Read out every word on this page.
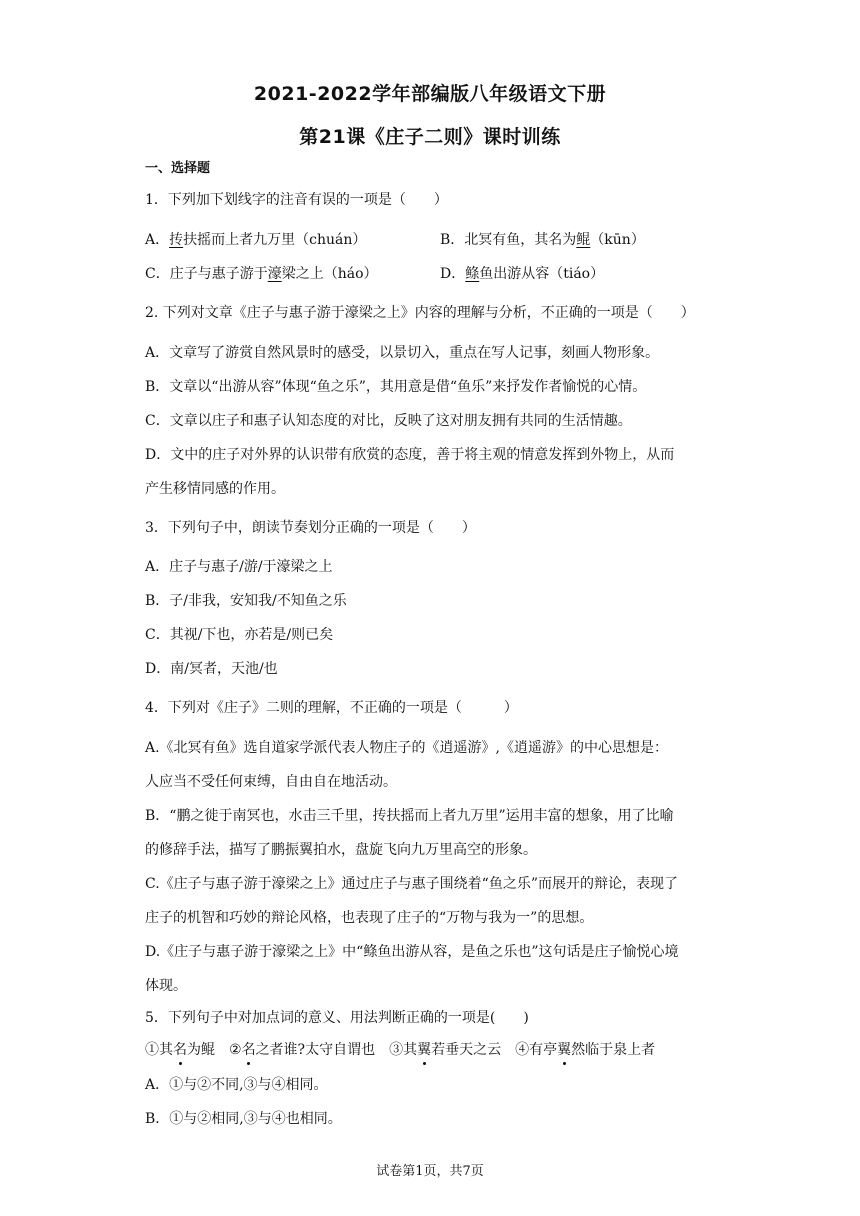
2021-2022学年部编版八年级语文下册
第21课《庄子二则》课时训练
一、选择题
1．下列加下划线字的注音有误的一项是（　　）
A．抟扶摇而上者九万里（chuán）	B．北冥有鱼，其名为鲲（kūn）
C．庄子与惠子游于濠梁之上（háo）	D．鲦鱼出游从容（tiáo）
2. 下列对文章《庄子与惠子游于濠梁之上》内容的理解与分析，不正确的一项是（　　）
A．文章写了游赏自然风景时的感受，以景切入，重点在写人记事，刻画人物形象。
B．文章以“出游从容”体现“鱼之乐”，其用意是借“鱼乐”来抒发作者愉悦的心情。
C．文章以庄子和惠子认知态度的对比，反映了这对朋友拥有共同的生活情趣。
D．文中的庄子对外界的认识带有欣赏的态度，善于将主观的情意发挥到外物上，从而
产生移情同感的作用。
3．下列句子中，朗读节奏划分正确的一项是（　　）
A．庄子与惠子/游/于濠梁之上
B．子/非我，安知我/不知鱼之乐
C．其视/下也，亦若是/则已矣
D．南/冥者，天池/也
4．下列对《庄子》二则的理解，不正确的一项是（　　　）
A.《北冥有鱼》选自道家学派代表人物庄子的《逍遥游》,《逍遥游》的中心思想是：
人应当不受任何束缚，自由自在地活动。
B．“鹏之徙于南冥也，水击三千里，抟扶摇而上者九万里”运用丰富的想象，用了比喻
的修辞手法，描写了鹏振翼拍水，盘旋飞向九万里高空的形象。
C.《庄子与惠子游于濠梁之上》通过庄子与惠子围绕着“鱼之乐”而展开的辩论，表现了
庄子的机智和巧妙的辩论风格，也表现了庄子的“万物与我为一”的思想。
D.《庄子与惠子游于濠梁之上》中“鲦鱼出游从容，是鱼之乐也”这句话是庄子愉悦心境
体现。
5．下列句子中对加点词的意义、用法判断正确的一项是(　　)
①其名为鲲 ②名之者谁?太守自谓也 ③其翼若垂天之云 ④有亭翼然临于泉上者
A．①与②不同,③与④相同。
B．①与②相同,③与④也相同。
试卷第1页，共7页
